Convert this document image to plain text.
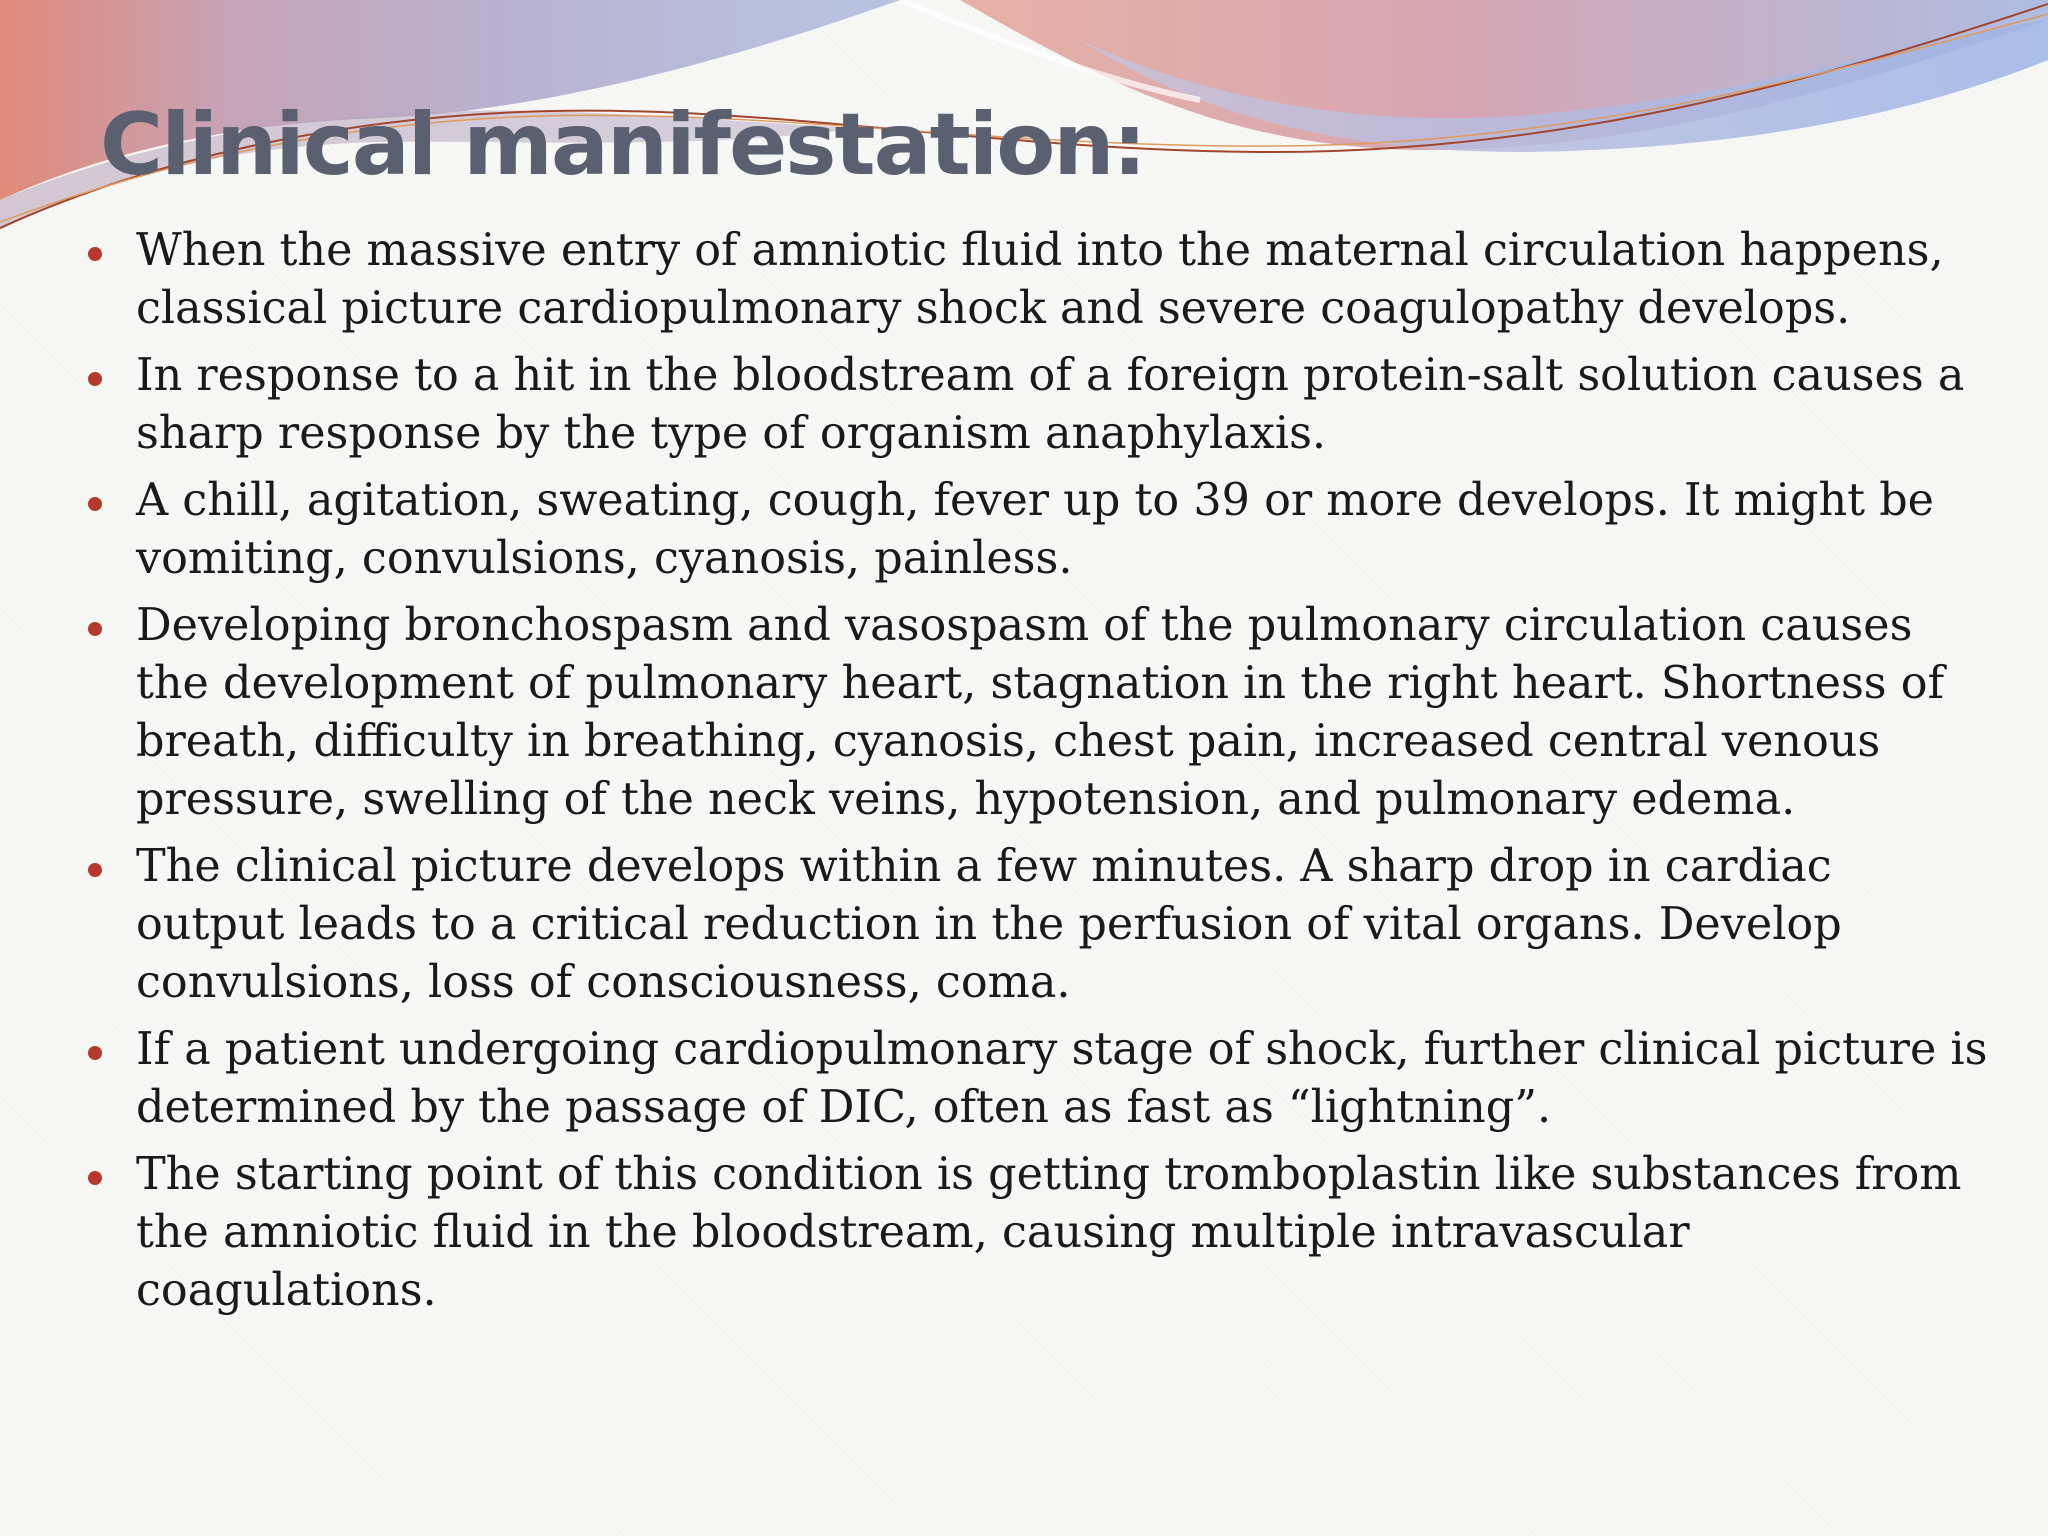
Clinical manifestation:
When the massive entry of amniotic fluid into the maternal circulation happens, classical picture cardiopulmonary shock and severe coagulopathy develops.
In response to a hit in the bloodstream of a foreign protein-salt solution causes a sharp response by the type of organism anaphylaxis.
A chill, agitation, sweating, cough, fever up to 39 or more develops. It might be vomiting, convulsions, cyanosis, painless.
Developing bronchospasm and vasospasm of the pulmonary circulation causes the development of pulmonary heart, stagnation in the right heart. Shortness of breath, difficulty in breathing, cyanosis, chest pain, increased central venous pressure, swelling of the neck veins, hypotension, and pulmonary edema.
The clinical picture develops within a few minutes. A sharp drop in cardiac output leads to a critical reduction in the perfusion of vital organs. Develop convulsions, loss of consciousness, coma.
If a patient undergoing cardiopulmonary stage of shock, further clinical picture is determined by the passage of DIC, often as fast as “lightning”.
The starting point of this condition is getting tromboplastin like substances from the amniotic fluid in the bloodstream, causing multiple intravascular coagulations.
